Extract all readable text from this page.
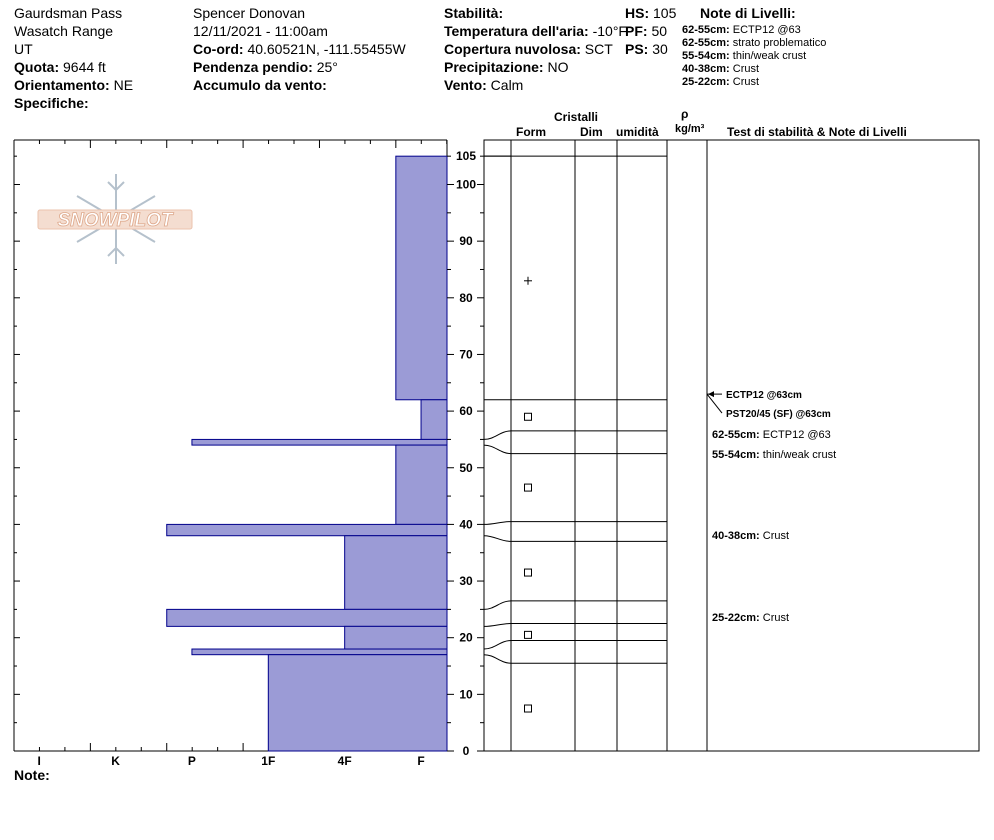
Gaurdsman Pass
Wasatch Range
UT
Quota: 9644 ft
Orientamento: NE
Specifiche:
Spencer Donovan
12/11/2021 - 11:00am
Co-ord: 40.60521N, -111.55455W
Pendenza pendio: 25°
Accumulo da vento:
Stabilità:
Temperatura dell'aria: -10°F
Copertura nuvolosa: SCT
Precipitazione: NO
Vento: Calm
HS: 105
PF: 50
PS: 30
Note di Livelli:
62-55cm: ECTP12 @63
62-55cm: strato problematico
55-54cm: thin/weak crust
40-38cm: Crust
25-22cm: Crust
Cristalli
Form	Dim umidità
ρ
kg/m³ Test di stabilità & Note di Livelli
SNOWPILOT
I	K	P	1F	4F	F
0
10
20
30
40
50
60
70
80
90
100
105
ECTP12 @63cm
PST20/45 (SF) @63cm
62-55cm: ECTP12 @63
55-54cm: thin/weak crust
40-38cm: Crust
25-22cm: Crust
Note:
